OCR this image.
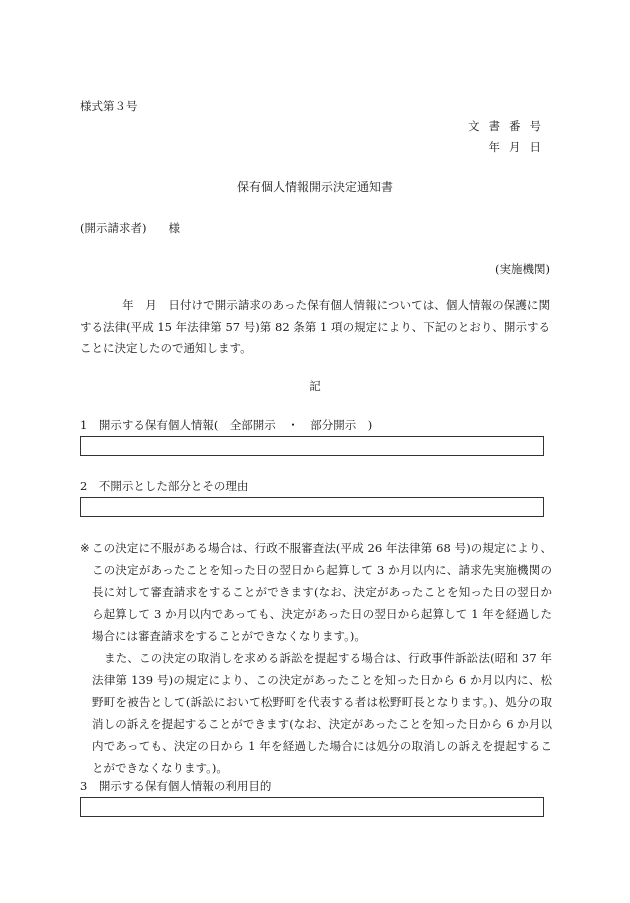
様式第３号
文書番号
年月日
保有個人情報開示決定通知書
(開示請求者) 様
(実施機関)
年　月　日付けで開示請求のあった保有個人情報については、個人情報の保護に関する法律(平成 15 年法律第 57 号)第 82 条第 1 項の規定により、下記のとおり、開示することに決定したので通知します。
記
1　開示する保有個人情報(　全部開示　・　部分開示　)
2　不開示とした部分とその理由
※ この決定に不服がある場合は、行政不服審査法(平成 26 年法律第 68 号)の規定により、この決定があったことを知った日の翌日から起算して 3 か月以内に、請求先実施機関の長に対して審査請求をすることができます(なお、決定があったことを知った日の翌日から起算して 3 か月以内であっても、決定があった日の翌日から起算して 1 年を経過した場合には審査請求をすることができなくなります。)。

また、この決定の取消しを求める訴訟を提起する場合は、行政事件訴訟法(昭和 37 年法律第 139 号)の規定により、この決定があったことを知った日から 6 か月以内に、松野町を被告として(訴訟において松野町を代表する者は松野町長となります。)、処分の取消しの訴えを提起することができます(なお、決定があったことを知った日から 6 か月以内であっても、決定の日から 1 年を経過した場合には処分の取消しの訴えを提起することができなくなります。)。

3　開示する保有個人情報の利用目的
